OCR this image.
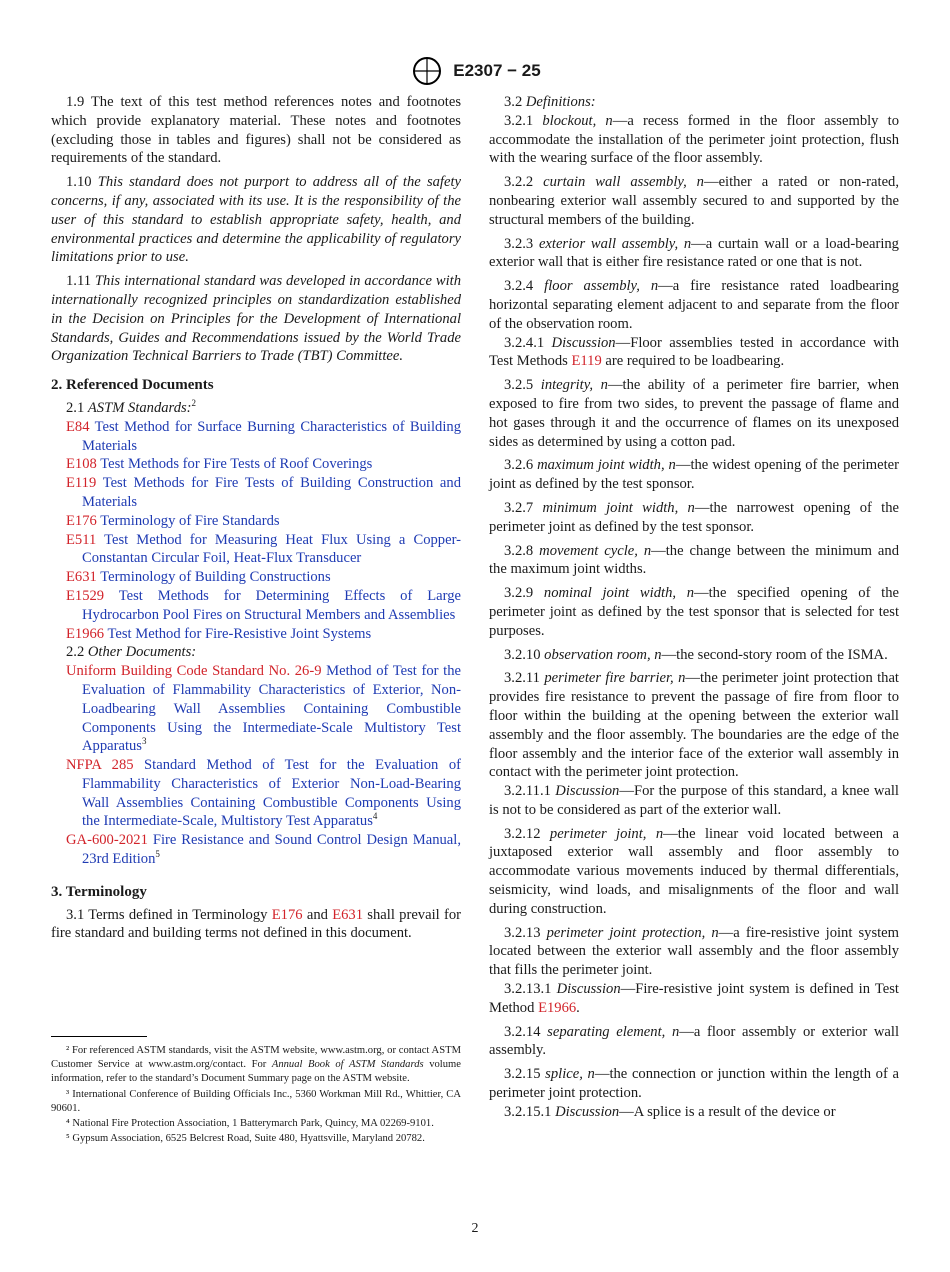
E2307 − 25

1.9 The text of this test method references notes and footnotes which provide explanatory material. These notes and footnotes (excluding those in tables and figures) shall not be considered as requirements of the standard.

1.10 This standard does not purport to address all of the safety concerns, if any, associated with its use. It is the responsibility of the user of this standard to establish appropriate safety, health, and environmental practices and determine the applicability of regulatory limitations prior to use.

1.11 This international standard was developed in accordance with internationally recognized principles on standardization established in the Decision on Principles for the Development of International Standards, Guides and Recommendations issued by the World Trade Organization Technical Barriers to Trade (TBT) Committee.

2. Referenced Documents
2.1 ASTM Standards:$^2$
E84 Test Method for Surface Burning Characteristics of Building Materials
E108 Test Methods for Fire Tests of Roof Coverings
E119 Test Methods for Fire Tests of Building Construction and Materials
E176 Terminology of Fire Standards
E511 Test Method for Measuring Heat Flux Using a Copper-Constantan Circular Foil, Heat-Flux Transducer
E631 Terminology of Building Constructions
E1529 Test Methods for Determining Effects of Large Hydrocarbon Pool Fires on Structural Members and Assemblies
E1966 Test Method for Fire-Resistive Joint Systems
2.2 Other Documents:
Uniform Building Code Standard No. 26-9 Method of Test for the Evaluation of Flammability Characteristics of Exterior, Non-Loadbearing Wall Assemblies Containing Combustible Components Using the Intermediate-Scale Multistory Test Apparatus$^3$
NFPA 285 Standard Method of Test for the Evaluation of Flammability Characteristics of Exterior Non-Load-Bearing Wall Assemblies Containing Combustible Components Using the Intermediate-Scale, Multistory Test Apparatus$^4$
GA-600-2021 Fire Resistance and Sound Control Design Manual, 23rd Edition$^5$
3. Terminology

3.1 Terms defined in Terminology E176 and E631 shall prevail for fire standard and building terms not defined in this document.

² For referenced ASTM standards, visit the ASTM website, www.astm.org, or contact ASTM Customer Service at www.astm.org/contact. For Annual Book of ASTM Standards volume information, refer to the standard’s Document Summary page on the ASTM website.

³ International Conference of Building Officials Inc., 5360 Workman Mill Rd., Whittier, CA 90601.

⁴ National Fire Protection Association, 1 Batterymarch Park, Quincy, MA 02269-9101.

⁵ Gypsum Association, 6525 Belcrest Road, Suite 480, Hyattsville, Maryland 20782.

3.2 Definitions:

3.2.1 blockout, n—a recess formed in the floor assembly to accommodate the installation of the perimeter joint protection, flush with the wearing surface of the floor assembly.

3.2.2 curtain wall assembly, n—either a rated or non-rated, nonbearing exterior wall assembly secured to and supported by the structural members of the building.

3.2.3 exterior wall assembly, n—a curtain wall or a load-bearing exterior wall that is either fire resistance rated or one that is not.

3.2.4 floor assembly, n—a fire resistance rated loadbearing horizontal separating element adjacent to and separate from the floor of the observation room.

3.2.4.1 Discussion—Floor assemblies tested in accordance with Test Methods E119 are required to be loadbearing.

3.2.5 integrity, n—the ability of a perimeter fire barrier, when exposed to fire from two sides, to prevent the passage of flame and hot gases through it and the occurrence of flames on its unexposed sides as determined by using a cotton pad.

3.2.6 maximum joint width, n—the widest opening of the perimeter joint as defined by the test sponsor.

3.2.7 minimum joint width, n—the narrowest opening of the perimeter joint as defined by the test sponsor.

3.2.8 movement cycle, n—the change between the minimum and the maximum joint widths.

3.2.9 nominal joint width, n—the specified opening of the perimeter joint as defined by the test sponsor that is selected for test purposes.

3.2.10 observation room, n—the second-story room of the ISMA.

3.2.11 perimeter fire barrier, n—the perimeter joint protection that provides fire resistance to prevent the passage of fire from floor to floor within the building at the opening between the exterior wall assembly and the floor assembly. The boundaries are the edge of the floor assembly and the interior face of the exterior wall assembly in contact with the perimeter joint protection.

3.2.11.1 Discussion—For the purpose of this standard, a knee wall is not to be considered as part of the exterior wall.

3.2.12 perimeter joint, n—the linear void located between a juxtaposed exterior wall assembly and floor assembly to accommodate various movements induced by thermal differentials, seismicity, wind loads, and misalignments of the floor and wall during construction.

3.2.13 perimeter joint protection, n—a fire-resistive joint system located between the exterior wall assembly and the floor assembly that fills the perimeter joint.

3.2.13.1 Discussion—Fire-resistive joint system is defined in Test Method E1966.

3.2.14 separating element, n—a floor assembly or exterior wall assembly.

3.2.15 splice, n—the connection or junction within the length of a perimeter joint protection.

3.2.15.1 Discussion—A splice is a result of the device or

2
